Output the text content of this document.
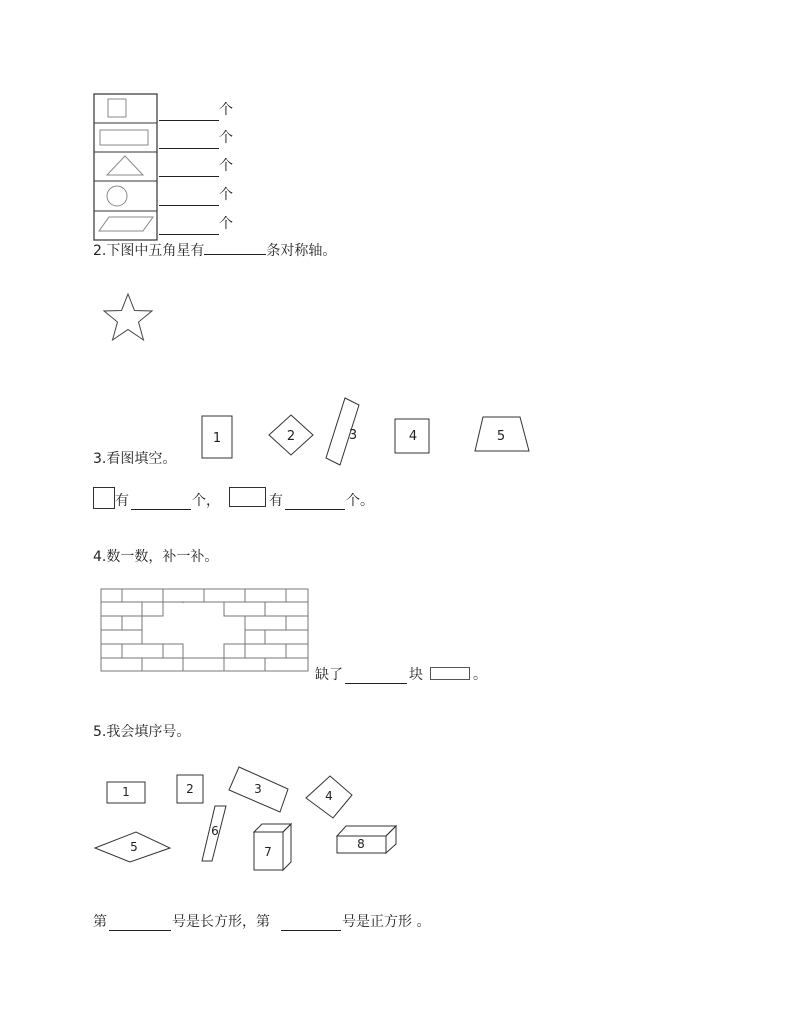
个
个
个
个
个
2.下图中五角星有	条对称轴。
3.看图填空。
1	2	3	4	5
有	个，	有	个。
4.数一数，补一补。
缺了	块	。
5.我会填序号。
1	2	3	4
5
6
7
8
第	号是长方形，第	号是正方形 。
